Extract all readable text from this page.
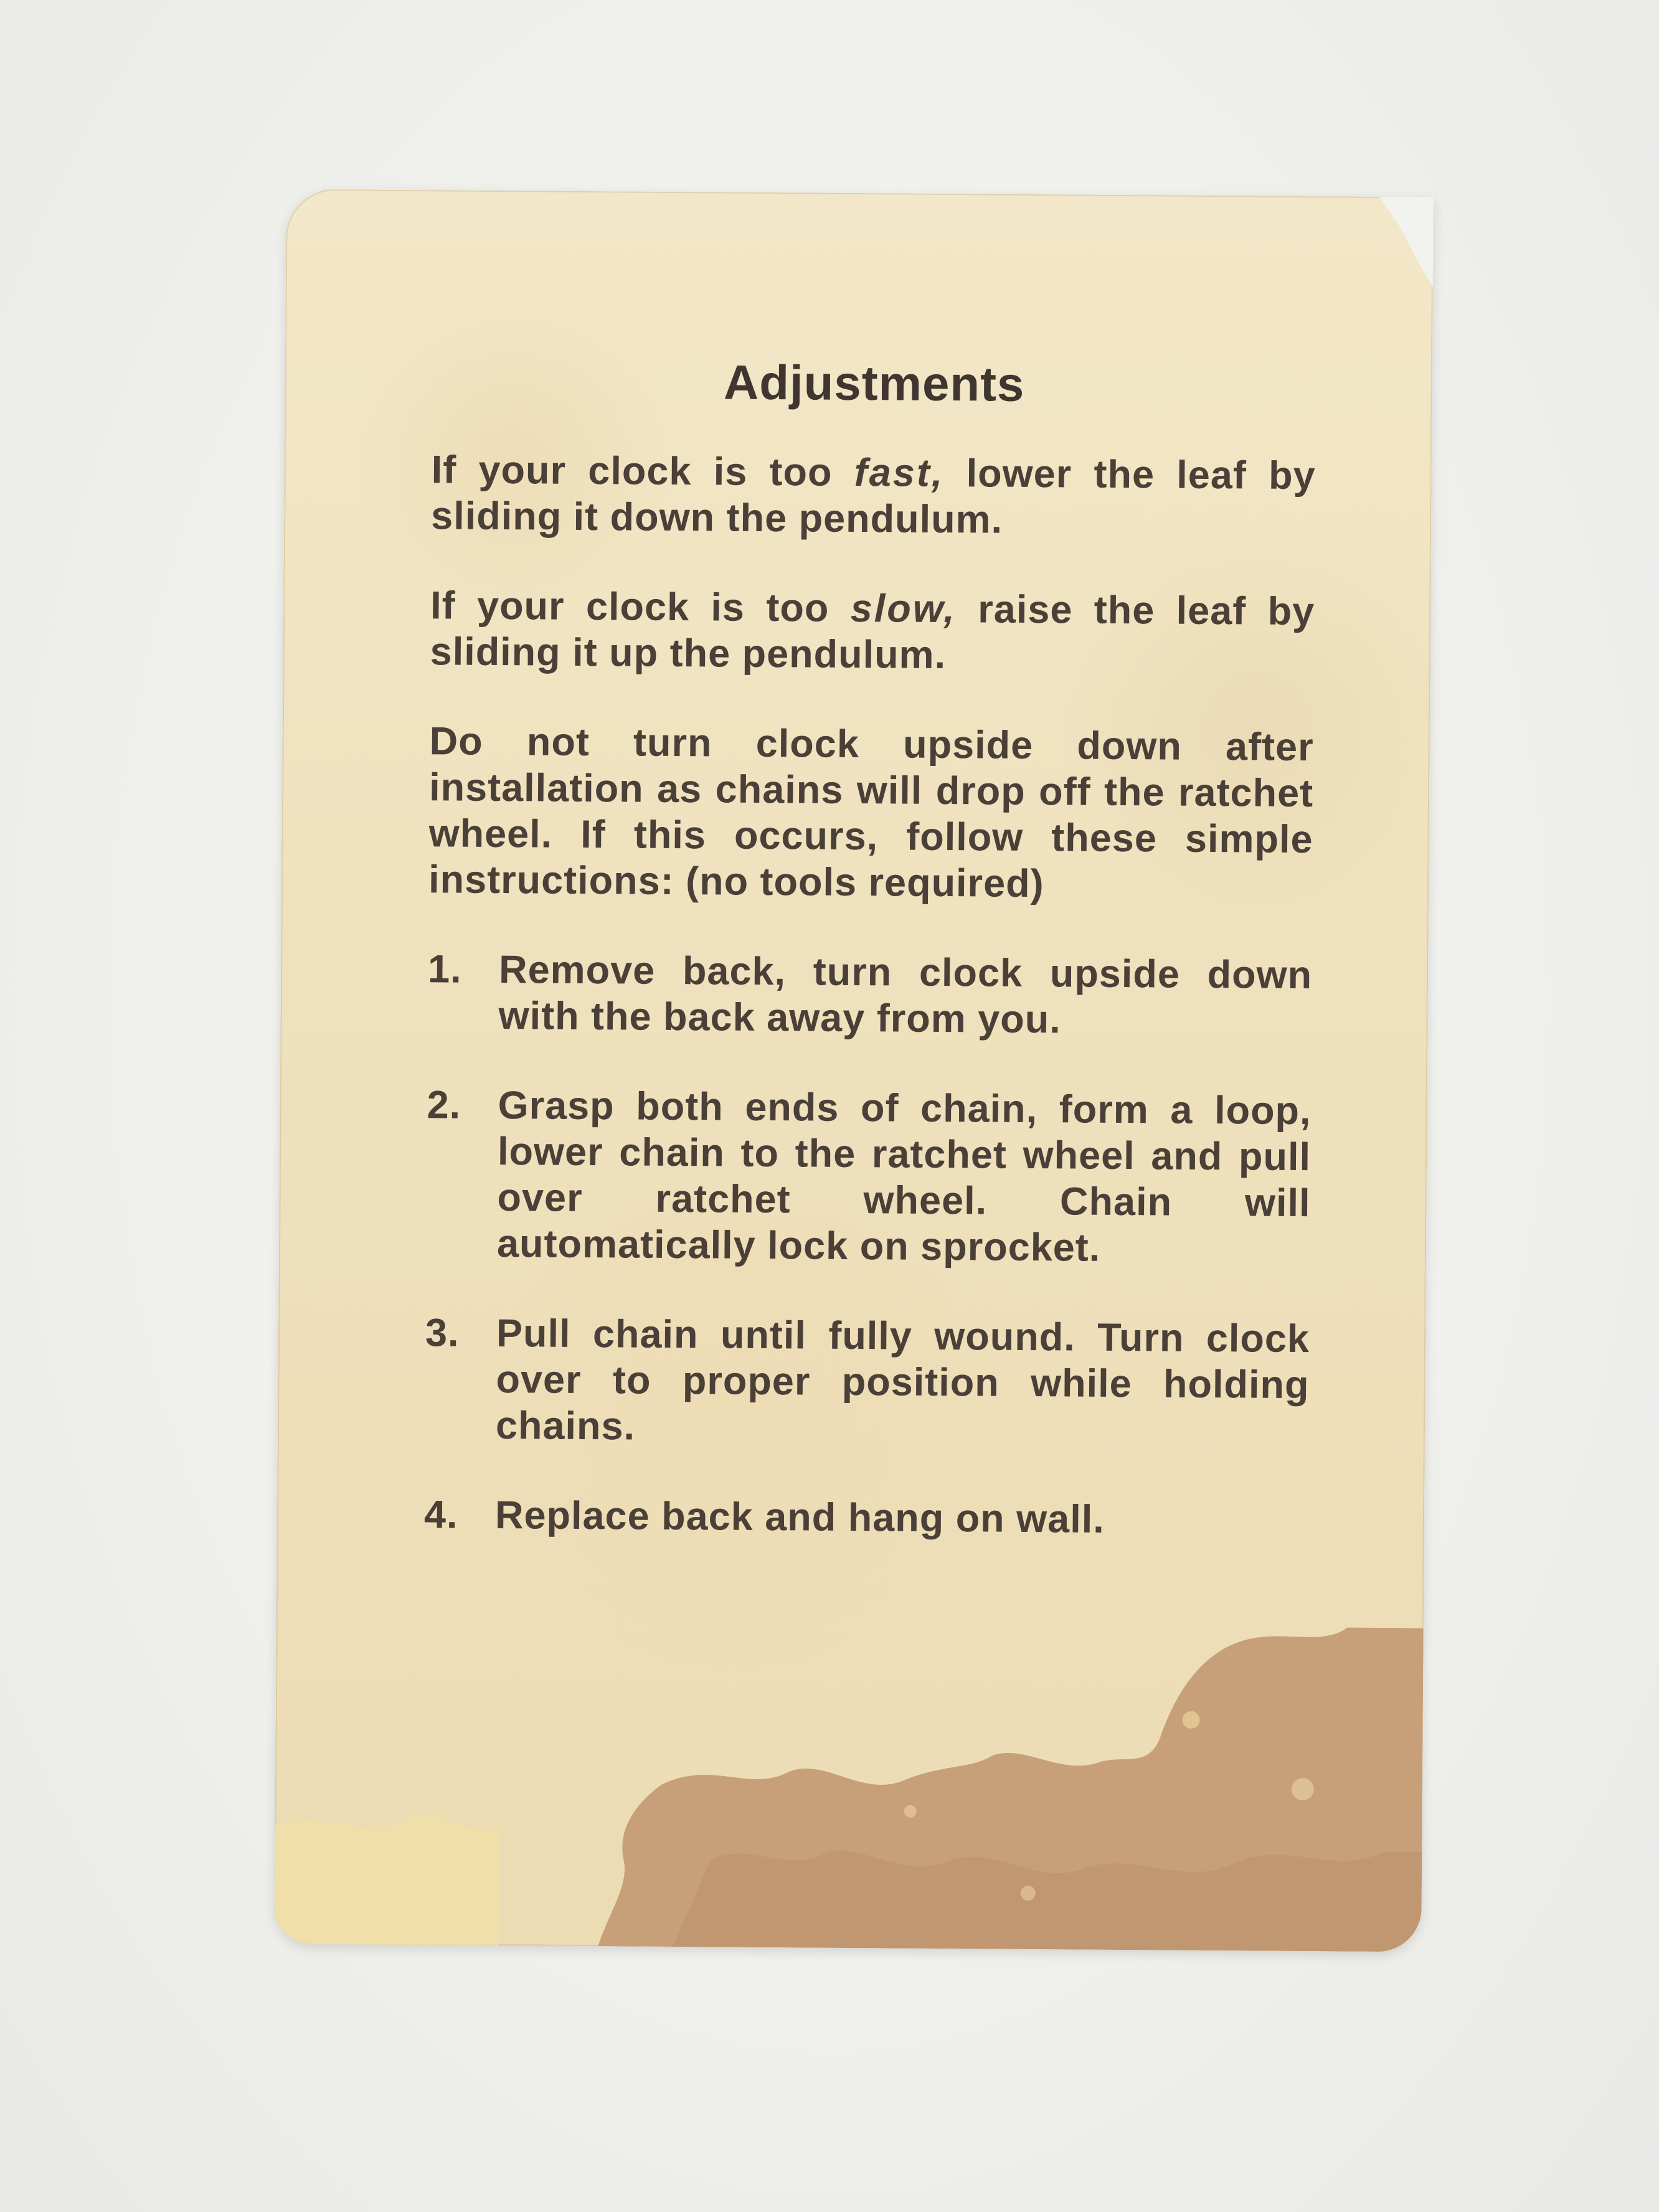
Adjustments

If your clock is too fast, lower the leaf by sliding it down the pendulum.

If your clock is too slow, raise the leaf by sliding it up the pendulum.

Do not turn clock upside down after installation as chains will drop off the ratchet wheel. If this occurs, follow these simple instructions: (no tools required)

1. Remove back, turn clock upside down with the back away from you.
2. Grasp both ends of chain, form a loop, lower chain to the ratchet wheel and pull over ratchet wheel. Chain will automatically lock on sprocket.
3. Pull chain until fully wound. Turn clock over to proper position while holding chains.
4. Replace back and hang on wall.
